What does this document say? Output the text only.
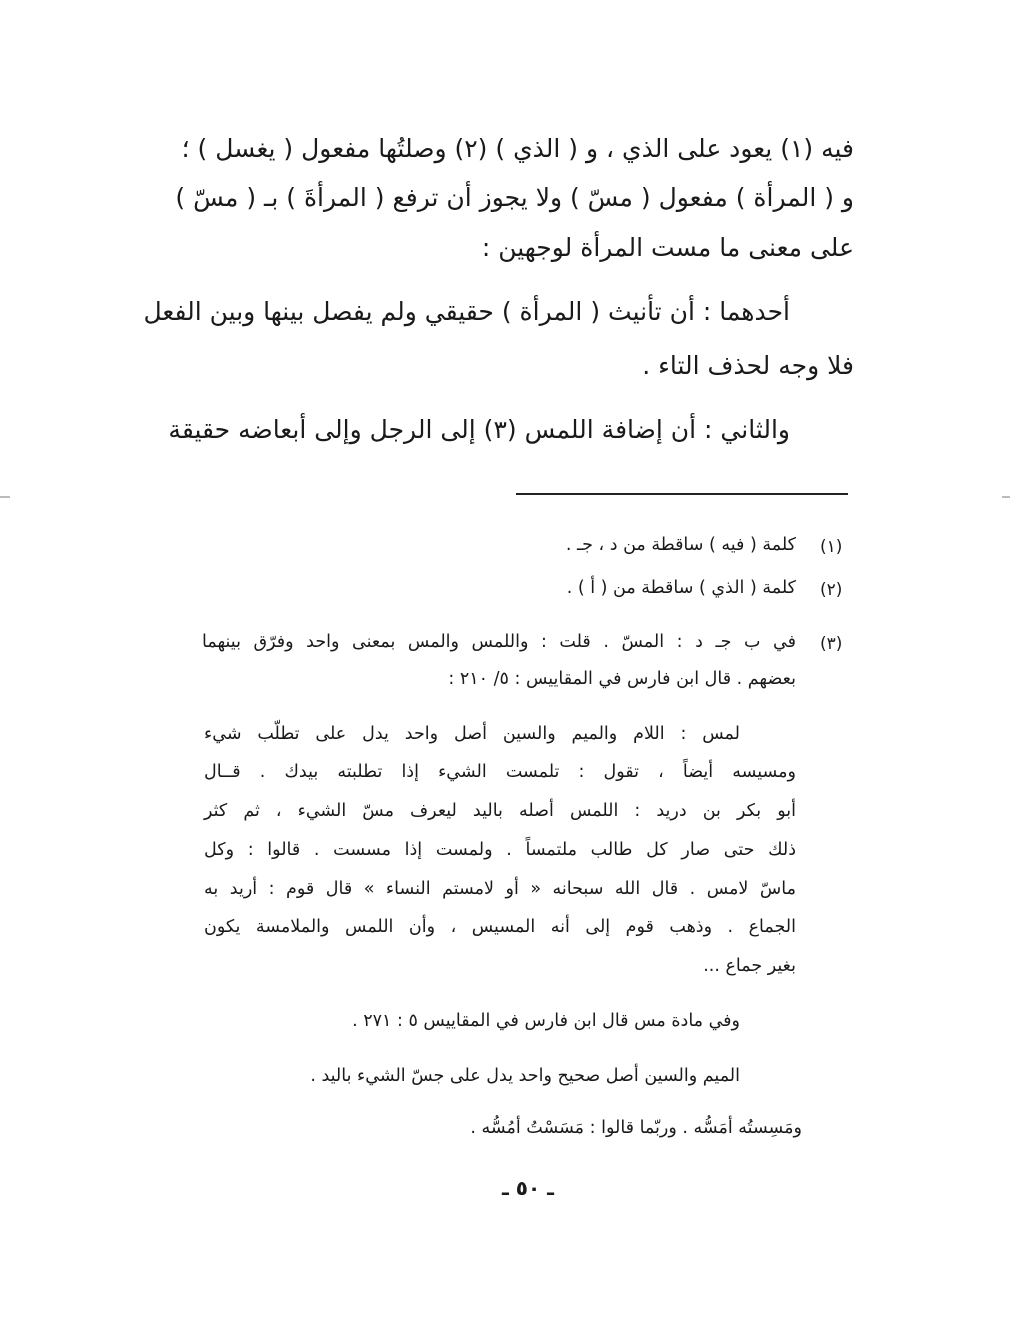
فيه (١) يعود على الذي ، و ( الذي ) (٢) وصلتُها مفعول ( يغسل ) ؛
و ( المرأة ) مفعول ( مسّ ) ولا يجوز أن ترفع ( المرأةَ ) بـ ( مسّ )
على معنى ما مست المرأة لوجهين :
أحدهما : أن تأنيث ( المرأة ) حقيقي ولم يفصل بينها وبين الفعل
فلا وجه لحذف التاء .
والثاني : أن إضافة اللمس (٣) إلى الرجل وإلى أبعاضه حقيقة
(١)
كلمة ( فيه ) ساقطة من د ، جـ .
(٢)
كلمة ( الذي ) ساقطة من ( أ ) .
(٣)
في ب جـ د : المسّ . قلت : واللمس والمس بمعنى واحد وفرّق بينهما
بعضهم . قال ابن فارس في المقاييس : ٥/ ٢١٠ :
لمس : اللام والميم والسين أصل واحد يدل على تطلّب شيء
ومسيسه أيضاً ، تقول : تلمست الشيء إذا تطلبته بيدك . قــال
أبو بكر بن دريد : اللمس أصله باليد ليعرف مسّ الشيء ، ثم كثر
ذلك حتى صار كل طالب ملتمساً . ولمست إذا مسست . قالوا : وكل
ماسّ لامس . قال الله سبحانه « أو لامستم النساء » قال قوم : أريد به
الجماع . وذهب قوم إلى أنه المسيس ، وأن اللمس والملامسة يكون
بغير جماع ...
وفي مادة مس قال ابن فارس في المقاييس ٥ : ٢٧١ .
الميم والسين أصل صحيح واحد يدل على جسّ الشيء باليد .
ومَسِستُه أمَسُّه . وربّما قالوا : مَسَسْتُ أمُسُّه .
ـ ٥٠ ـ
